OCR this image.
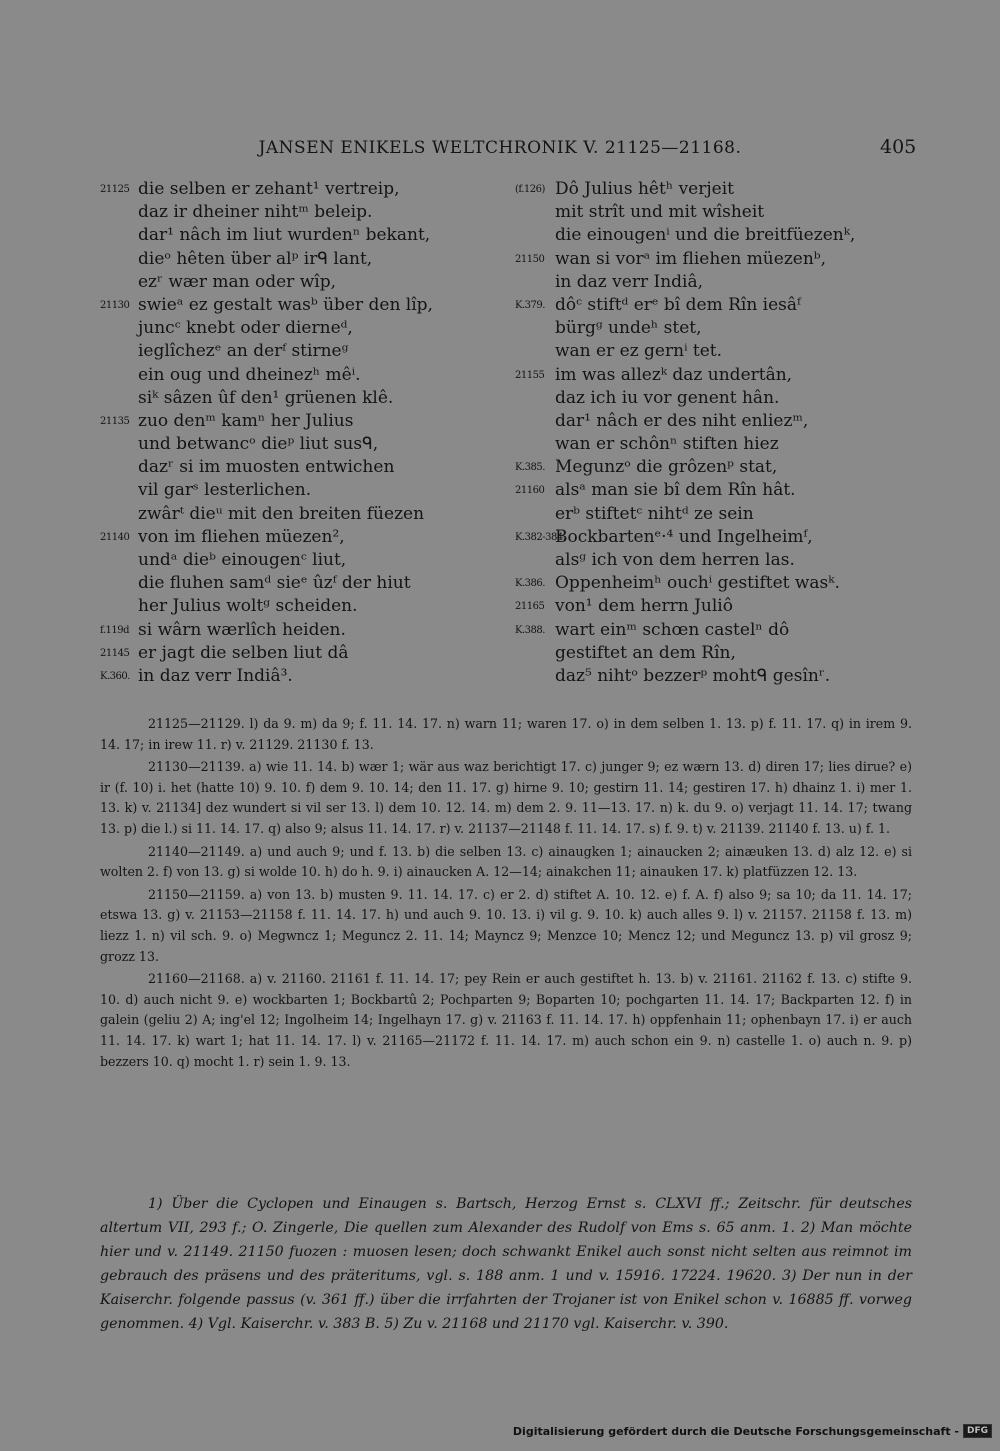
JANSEN ENIKELS WELTCHRONIK V. 21125—21168.	405
21125 die selben er zehant¹ vertreip,
daz ir dheiner nihtᵐ beleip.
dar¹ nâch im liut wurdenⁿ bekant,
dieᵒ hêten über alᵖ irᑫ lant,
ezʳ wær man oder wîp,
21130 swieᵃ ez gestalt wasᵇ über den lîp,
juncᶜ knebt oder dierneᵈ,
ieglîchezᵉ an derᶠ stirneᵍ
ein oug und dheinezʰ mêⁱ.
siᵏ sâzen ûf den¹ grüenen klê.
21135 zuo denᵐ kamⁿ her Julius
und betwancᵒ dieᵖ liut susᑫ,
dazʳ si im muosten entwichen
vil garˢ lesterlichen.
zwârᵗ dieᵘ mit den breiten füezen
21140 von im fliehen müezen²,
undᵃ dieᵇ einougenᶜ liut,
die fluhen samᵈ sieᵉ ûzᶠ der hiut
her Julius woltᵍ scheiden.
f.119d si wârn wærlîch heiden.
21145 er jagt die selben liut dâ
K.360. in daz verr Indiâ³.
(f.126) Dô Julius hêtʰ verjeit
mit strît und mit wîsheit
die einougenⁱ und die breitfüezenᵏ,
21150 wan si vorᵃ im fliehen müezenᵇ,
in daz verr Indiâ,
K.379. dôᶜ stiftᵈ erᵉ bî dem Rîn iesâᶠ
bürgᵍ undeʰ stet,
wan er ez gernⁱ tet.
21155 im was allezᵏ daz undertân,
daz ich iu vor genent hân.
dar¹ nâch er des niht enliezᵐ,
wan er schônⁿ stiften hiez
K.385. Megunzᵒ die grôzenᵖ stat,
21160 alsᵃ man sie bî dem Rîn hât.
erᵇ stiftetᶜ nihtᵈ ze sein
K.382-384.
Bockbartenᵉ·⁴ und Ingelheimᶠ,
alsᵍ ich von dem herren las.
K.386. Oppenheimʰ ouchⁱ gestiftet wasᵏ.
21165 von¹ dem herrn Juliô
K.388. wart einᵐ schœn castelⁿ dô
gestiftet an dem Rîn,
daz⁵ nihtᵒ bezzerᵖ mohtᑫ gesînʳ.

21125—21129. l) da 9. m) da 9; f. 11. 14. 17. n) warn 11; waren 17. o) in dem selben 1. 13. p) f. 11. 17. q) in irem 9. 14. 17; in irew 11. r) v. 21129. 21130 f. 13.

21130—21139. a) wie 11. 14. b) wær 1; wär aus waz berichtigt 17. c) junger 9; ez wærn 13. d) diren 17; lies dirue? e) ir (f. 10) i. het (hatte 10) 9. 10. f) dem 9. 10. 14; den 11. 17. g) hirne 9. 10; gestirn 11. 14; gestiren 17. h) dhainz 1. i) mer 1. 13. k) v. 21134] dez wundert si vil ser 13. l) dem 10. 12. 14. m) dem 2. 9. 11—13. 17. n) k. du 9. o) verjagt 11. 14. 17; twang 13. p) die l.) si 11. 14. 17. q) also 9; alsus 11. 14. 17. r) v. 21137—21148 f. 11. 14. 17. s) f. 9. t) v. 21139. 21140 f. 13. u) f. 1.

21140—21149. a) und auch 9; und f. 13. b) die selben 13. c) ainaugken 1; ainaucken 2; ainæuken 13. d) alz 12. e) si wolten 2. f) von 13. g) si wolde 10. h) do h. 9. i) ainaucken A. 12—14; ainakchen 11; ainauken 17. k) platfüzzen 12. 13.

21150—21159. a) von 13. b) musten 9. 11. 14. 17. c) er 2. d) stiftet A. 10. 12. e) f. A. f) also 9; sa 10; da 11. 14. 17; etswa 13. g) v. 21153—21158 f. 11. 14. 17. h) und auch 9. 10. 13. i) vil g. 9. 10. k) auch alles 9. l) v. 21157. 21158 f. 13. m) liezz 1. n) vil sch. 9. o) Megwncz 1; Meguncz 2. 11. 14; Mayncz 9; Menzce 10; Mencz 12; und Meguncz 13. p) vil grosz 9; grozz 13.

21160—21168. a) v. 21160. 21161 f. 11. 14. 17; pey Rein er auch gestiftet h. 13. b) v. 21161. 21162 f. 13. c) stifte 9. 10. d) auch nicht 9. e) wockbarten 1; Bockbartû 2; Pochparten 9; Boparten 10; pochgarten 11. 14. 17; Backparten 12. f) in galein (geliu 2) A; ing'el 12; Ingolheim 14; Ingelhayn 17. g) v. 21163 f. 11. 14. 17. h) oppfenhain 11; ophenbayn 17. i) er auch 11. 14. 17. k) wart 1; hat 11. 14. 17. l) v. 21165—21172 f. 11. 14. 17. m) auch schon ein 9. n) castelle 1. o) auch n. 9. p) bezzers 10. q) mocht 1. r) sein 1. 9. 13.

1) Über die Cyclopen und Einaugen s. Bartsch, Herzog Ernst s. CLXVI ff.; Zeitschr. für deutsches altertum VII, 293 f.; O. Zingerle, Die quellen zum Alexander des Rudolf von Ems s. 65 anm. 1. 2) Man möchte hier und v. 21149. 21150 fuozen : muosen lesen; doch schwankt Enikel auch sonst nicht selten aus reimnot im gebrauch des präsens und des präteritums, vgl. s. 188 anm. 1 und v. 15916. 17224. 19620. 3) Der nun in der Kaiserchr. folgende passus (v. 361 ff.) über die irrfahrten der Trojaner ist von Enikel schon v. 16885 ff. vorweg genommen. 4) Vgl. Kaiserchr. v. 383 B. 5) Zu v. 21168 und 21170 vgl. Kaiserchr. v. 390.

Digitalisierung gefördert durch die Deutsche Forschungsgemeinschaft - DFG
